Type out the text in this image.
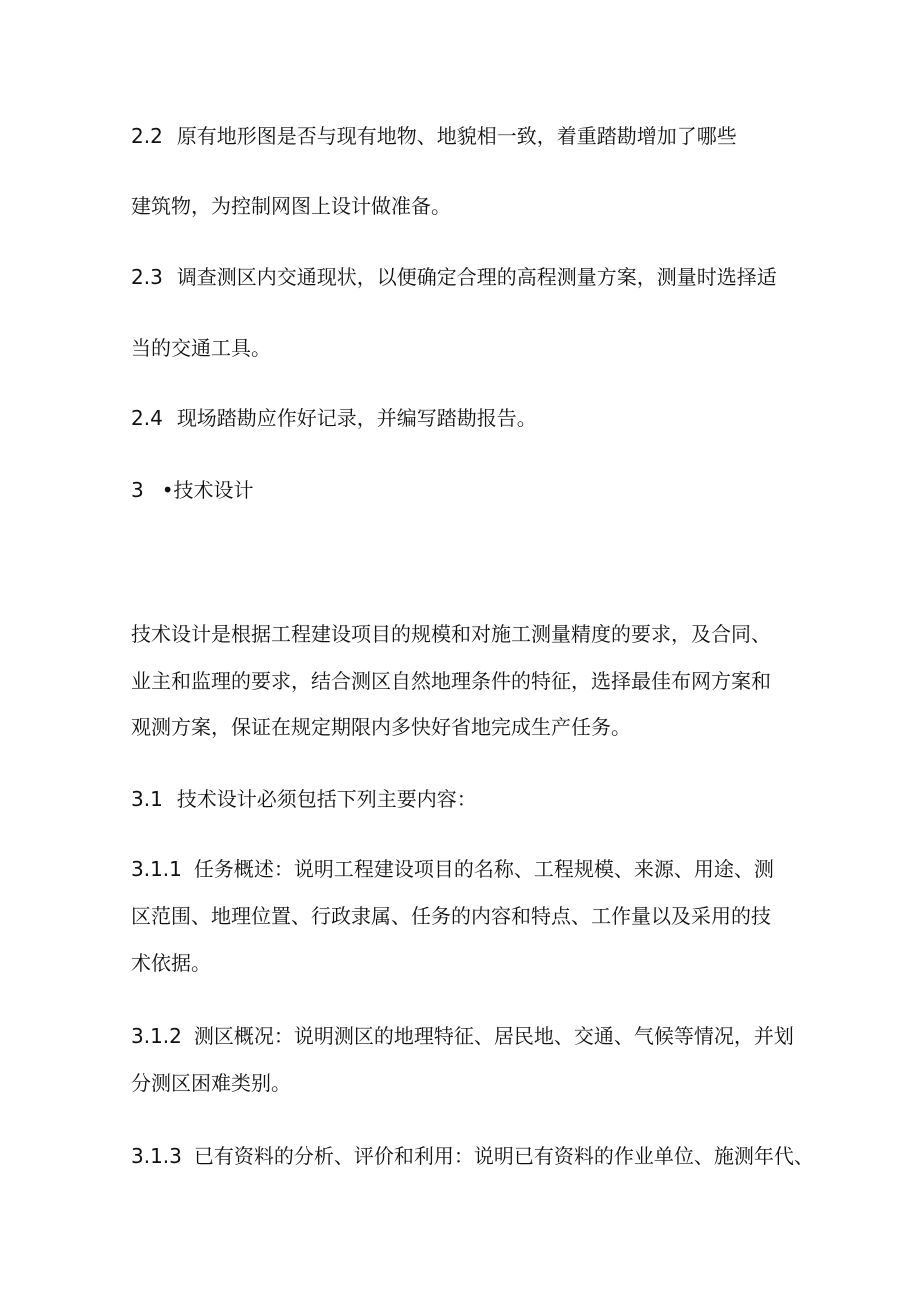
2.2 原有地形图是否与现有地物、地貌相一致，着重踏勘增加了哪些
建筑物，为控制网图上设计做准备。
2.3 调查测区内交通现状，以便确定合理的高程测量方案，测量时选择适
当的交通工具。
2.4 现场踏勘应作好记录，并编写踏勘报告。
3 •技术设计
技术设计是根据工程建设项目的规模和对施工测量精度的要求，及合同、
业主和监理的要求，结合测区自然地理条件的特征，选择最佳布网方案和
观测方案，保证在规定期限内多快好省地完成生产任务。
3.1 技术设计必须包括下列主要内容：
3.1.1 任务概述：说明工程建设项目的名称、工程规模、来源、用途、测
区范围、地理位置、行政隶属、任务的内容和特点、工作量以及采用的技
术依据。
3.1.2 测区概况：说明测区的地理特征、居民地、交通、气候等情况，并划
分测区困难类别。
3.1.3 已有资料的分析、评价和利用：说明已有资料的作业单位、施测年代、
